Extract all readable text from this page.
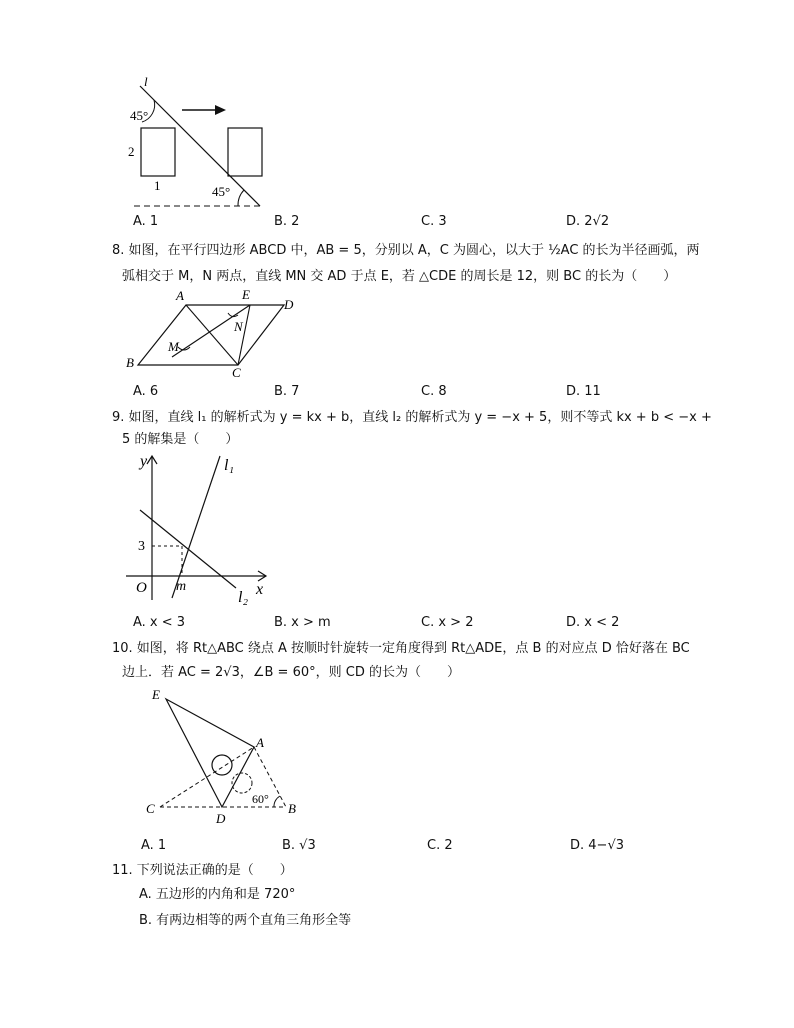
l
45°
45°
2
1
A. 1	B. 2	C. 3	D. 2√2
8. 如图，在平行四边形 ABCD 中，AB = 5，分别以 A，C 为圆心，以大于 ½AC 的长为半径画弧，两
弧相交于 M，N 两点，直线 MN 交 AD 于点 E，若 △CDE 的周长是 12，则 BC 的长为（　　）
A	E
D
N
M
B
C
A. 6	B. 7	C. 8	D. 11
9. 如图，直线 l₁ 的解析式为 y = kx + b，直线 l₂ 的解析式为 y = −x + 5，则不等式 kx + b < −x +
5 的解集是（　　）
y
x
O
l₁
l₂
3
m
A. x < 3	B. x > m	C. x > 2	D. x < 2
10. 如图，将 Rt△ABC 绕点 A 按顺时针旋转一定角度得到 Rt△ADE，点 B 的对应点 D 恰好落在 BC
边上．若 AC = 2√3，∠B = 60°，则 CD 的长为（　　）
E
A
C
D
B
60°
A. 1	B. √3	C. 2	D. 4−√3
11. 下列说法正确的是（　　）
A. 五边形的内角和是 720°
B. 有两边相等的两个直角三角形全等
